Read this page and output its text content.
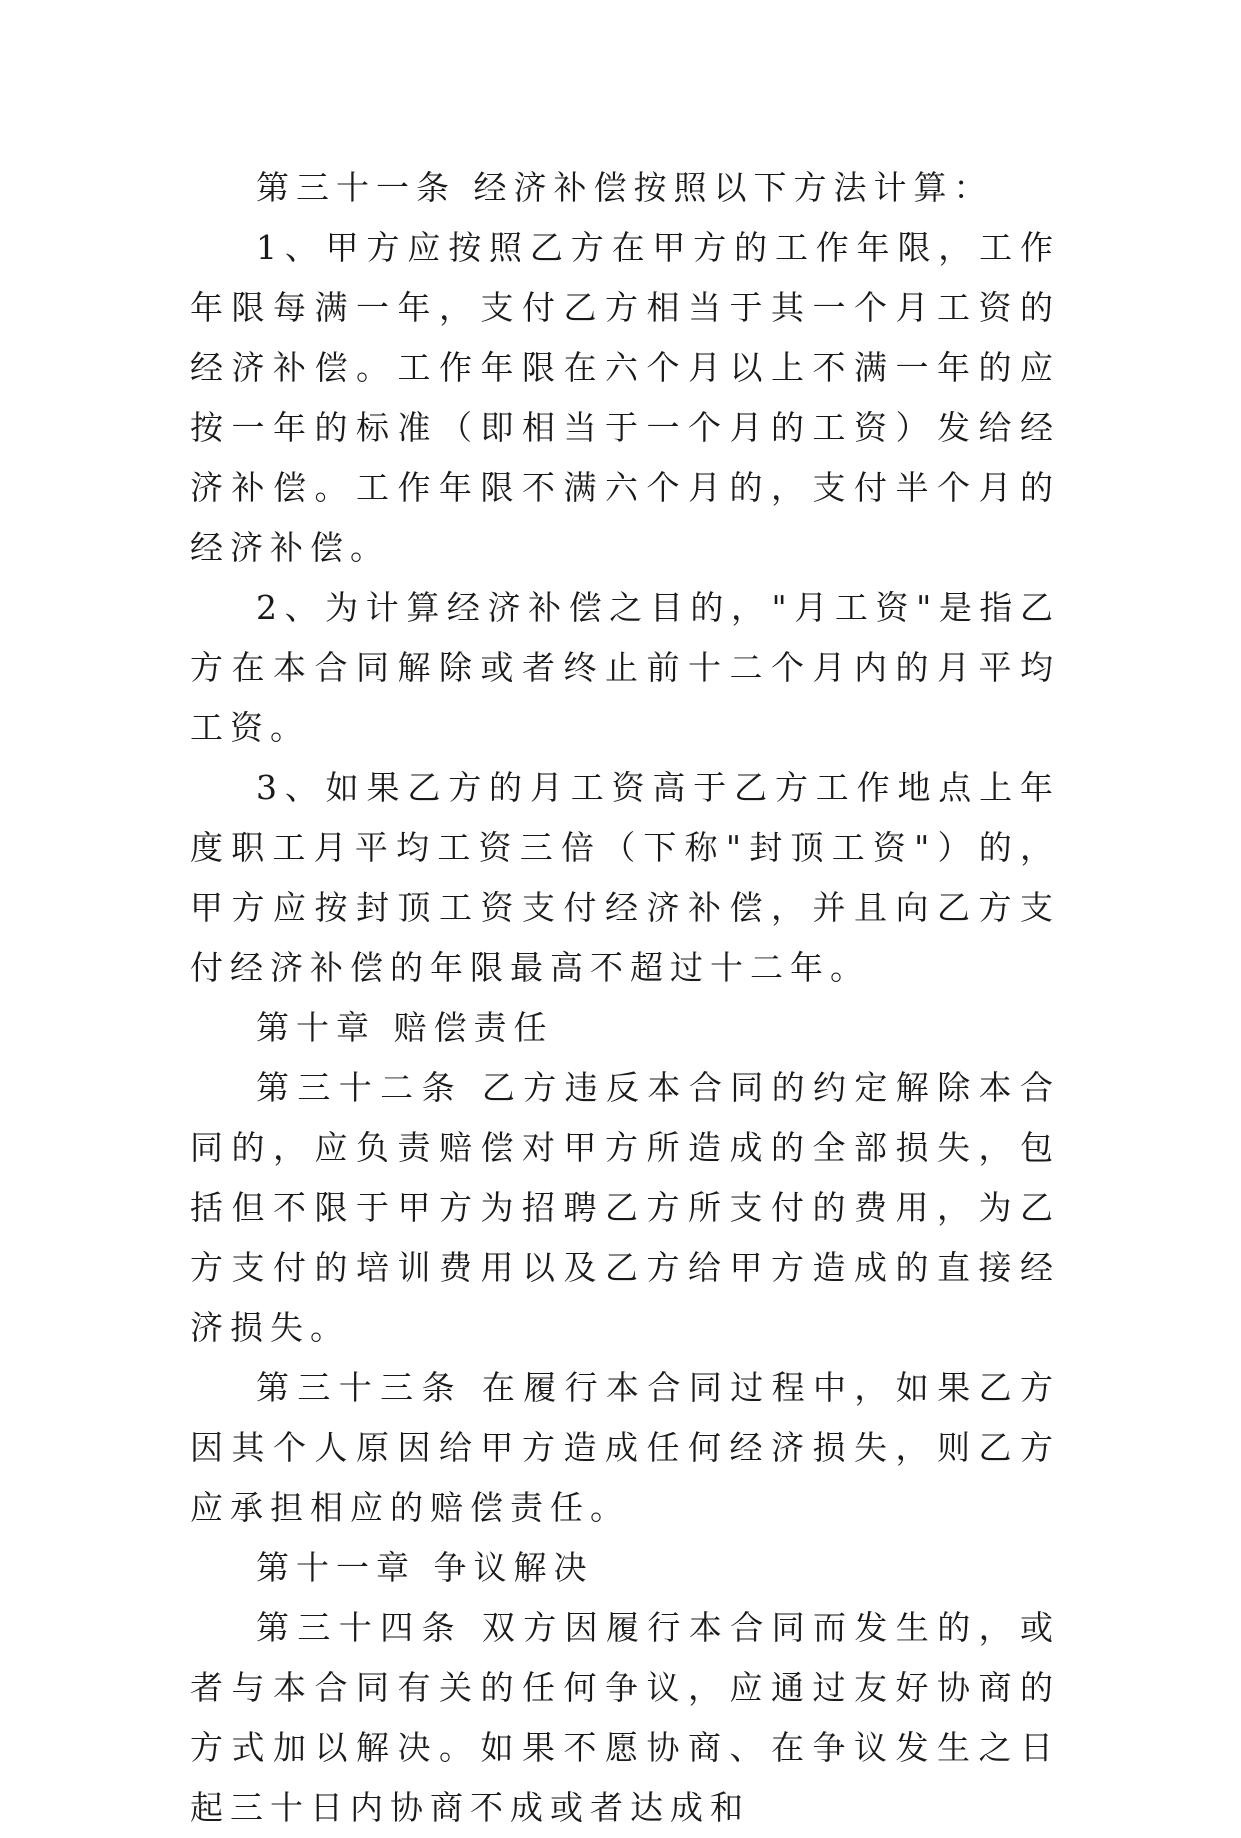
第三十一条 经济补偿按照以下方法计算：

1、甲方应按照乙方在甲方的工作年限，工作年限每满一年，支付乙方相当于其一个月工资的经济补偿。工作年限在六个月以上不满一年的应按一年的标准（即相当于一个月的工资）发给经济补偿。工作年限不满六个月的，支付半个月的经济补偿。

2、为计算经济补偿之目的，"月工资"是指乙方在本合同解除或者终止前十二个月内的月平均工资。

3、如果乙方的月工资高于乙方工作地点上年度职工月平均工资三倍（下称"封顶工资"）的，甲方应按封顶工资支付经济补偿，并且向乙方支付经济补偿的年限最高不超过十二年。

第十章 赔偿责任

第三十二条 乙方违反本合同的约定解除本合同的，应负责赔偿对甲方所造成的全部损失，包括但不限于甲方为招聘乙方所支付的费用，为乙方支付的培训费用以及乙方给甲方造成的直接经济损失。

第三十三条 在履行本合同过程中，如果乙方因其个人原因给甲方造成任何经济损失，则乙方应承担相应的赔偿责任。

第十一章 争议解决

第三十四条 双方因履行本合同而发生的，或者与本合同有关的任何争议，应通过友好协商的方式加以解决。如果不愿协商、在争议发生之日起三十日内协商不成或者达成和
